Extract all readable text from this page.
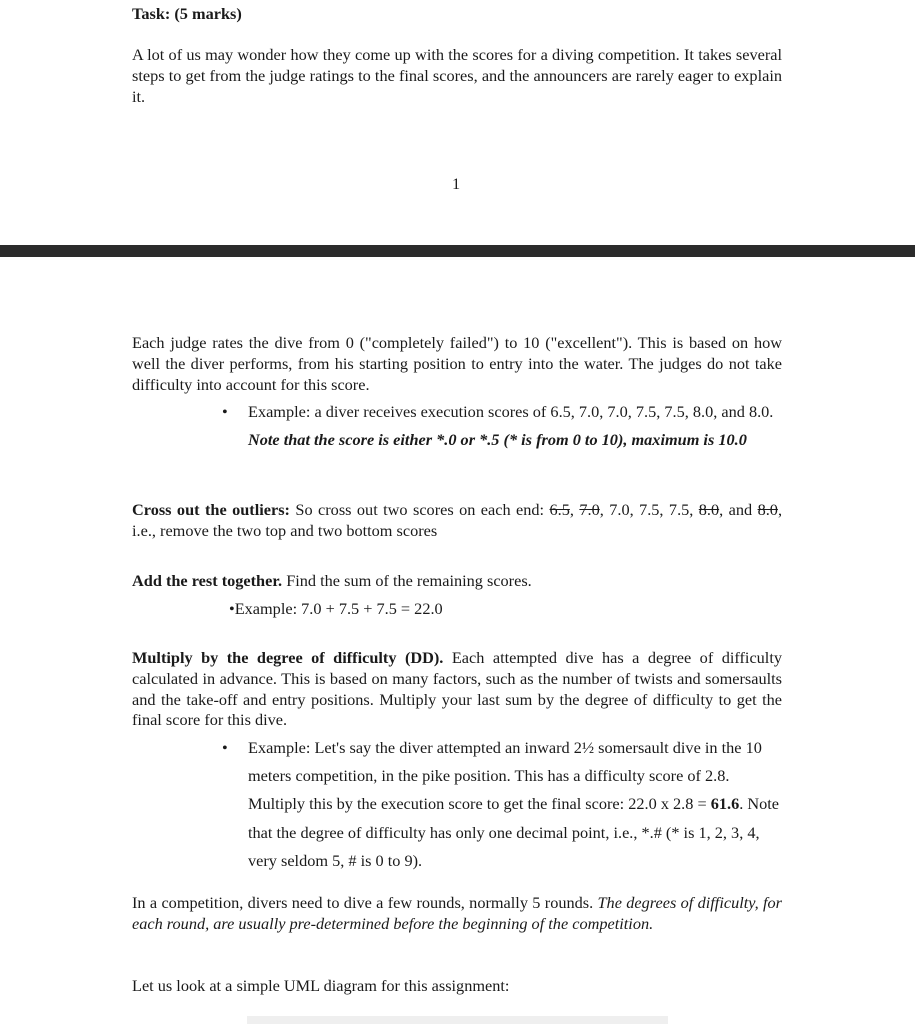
Task: (5 marks)

A lot of us may wonder how they come up with the scores for a diving competition. It takes several steps to get from the judge ratings to the final scores, and the announcers are rarely eager to explain it.

1

Each judge rates the dive from 0 ("completely failed") to 10 ("excellent"). This is based on how well the diver performs, from his starting position to entry into the water. The judges do not take difficulty into account for this score.

• Example: a diver receives execution scores of 6.5, 7.0, 7.0, 7.5, 7.5, 8.0, and 8.0. Note that the score is either *.0 or *.5 (* is from 0 to 10), maximum is 10.0

Cross out the outliers: So cross out two scores on each end: 6.5, 7.0, 7.0, 7.5, 7.5, 8.0, and 8.0, i.e., remove the two top and two bottom scores

Add the rest together. Find the sum of the remaining scores.

•Example: 7.0 + 7.5 + 7.5 = 22.0

Multiply by the degree of difficulty (DD). Each attempted dive has a degree of difficulty calculated in advance. This is based on many factors, such as the number of twists and somersaults and the take-off and entry positions. Multiply your last sum by the degree of difficulty to get the final score for this dive.

• Example: Let's say the diver attempted an inward 2½ somersault dive in the 10 meters competition, in the pike position. This has a difficulty score of 2.8. Multiply this by the execution score to get the final score: 22.0 x 2.8 = 61.6. Note that the degree of difficulty has only one decimal point, i.e., *.# (* is 1, 2, 3, 4, very seldom 5, # is 0 to 9).

In a competition, divers need to dive a few rounds, normally 5 rounds. The degrees of difficulty, for each round, are usually pre-determined before the beginning of the competition.

Let us look at a simple UML diagram for this assignment:
